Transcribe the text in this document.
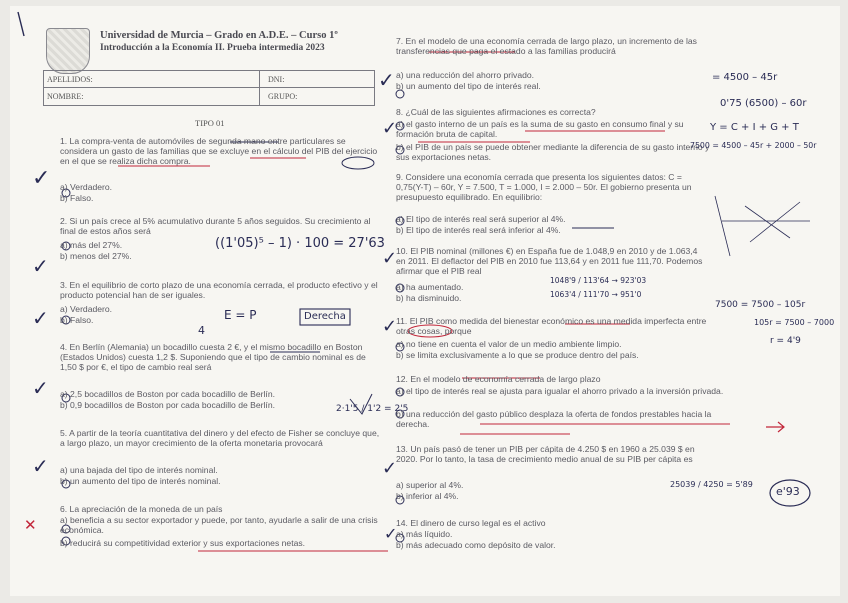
Universidad de Murcia – Grado en A.D.E. – Curso 1º
Introducción a la Economía II. Prueba intermedia 2023
APELLIDOS:	DNI:
NOMBRE:	GRUPO:
TIPO 01
1. La compra-venta de automóviles de segunda mano entre particulares se considera un gasto de las familias que se excluye en el cálculo del PIB del ejercicio en el que se realiza dicha compra.
a) Verdadero.
b) Falso.
2. Si un país crece al 5% acumulativo durante 5 años seguidos. Su crecimiento al final de estos años será
a) más del 27%.
b) menos del 27%.
3. En el equilibrio de corto plazo de una economía cerrada, el producto efectivo y el producto potencial han de ser iguales.
a) Verdadero.
b) Falso.
4. En Berlín (Alemania) un bocadillo cuesta 2 €, y el mismo bocadillo en Boston (Estados Unidos) cuesta 1,2 $. Suponiendo que el tipo de cambio nominal es de 1,50 $ por €, el tipo de cambio real será
a) 2,5 bocadillos de Boston por cada bocadillo de Berlín.
b) 0,9 bocadillos de Boston por cada bocadillo de Berlín.
5. A partir de la teoría cuantitativa del dinero y del efecto de Fisher se concluye que, a largo plazo, un mayor crecimiento de la oferta monetaria provocará
a) una bajada del tipo de interés nominal.
b) un aumento del tipo de interés nominal.
6. La apreciación de la moneda de un país
a) beneficia a su sector exportador y puede, por tanto, ayudarle a salir de una crisis económica.
b) reducirá su competitividad exterior y sus exportaciones netas.
7. En el modelo de una economía cerrada de largo plazo, un incremento de las transferencias que paga el estado a las familias producirá
a) una reducción del ahorro privado.
b) un aumento del tipo de interés real.
8. ¿Cuál de las siguientes afirmaciones es correcta?
a) el gasto interno de un país es la suma de su gasto en consumo final y su formación bruta de capital.
b) el PIB de un país se puede obtener mediante la diferencia de su gasto interno y sus exportaciones netas.
9. Considere una economía cerrada que presenta los siguientes datos: C = 0,75(Y-T) – 60r, Y = 7.500, T = 1.000, I = 2.000 – 50r. El gobierno presenta un presupuesto equilibrado. En equilibrio:
a) El tipo de interés real será superior al 4%.
b) El tipo de interés real será inferior al 4%.
10. El PIB nominal (millones €) en España fue de 1.048,9 en 2010 y de 1.063,4 en 2011. El deflactor del PIB en 2010 fue 113,64 y en 2011 fue 111,70. Podemos afirmar que el PIB real
a) ha aumentado.
b) ha disminuido.
11. El PIB como medida del bienestar económico es una medida imperfecta entre otras cosas, porque
a) no tiene en cuenta el valor de un medio ambiente limpio.
b) se limita exclusivamente a lo que se produce dentro del país.
12. En el modelo de economía cerrada de largo plazo
a) el tipo de interés real se ajusta para igualar el ahorro privado a la inversión privada.
b) una reducción del gasto público desplaza la oferta de fondos prestables hacia la derecha.
13. Un país pasó de tener un PIB per cápita de 4.250 $ en 1960 a 25.039 $ en 2020. Por lo tanto, la tasa de crecimiento medio anual de su PIB per cápita es
a) superior al 4%.
b) inferior al 4%.
14. El dinero de curso legal es el activo
a) más líquido.
b) más adecuado como depósito de valor.
((1'05)⁵ – 1) · 100 = 27'63
E = P	Derecha
4
2·1'5 / 1'2 = 2'5
1048'9 / 113'64 → 923'03
1063'4 / 111'70 → 951'0
25039 / 4250 = 5'89
e'93
= 4500 – 45r
0'75 (6500) – 60r
Y = C + I + G + T
7500 = 4500 – 45r + 2000 – 50r
7500 = 7500 – 105r
105r = 7500 – 7000
r = 4'9
✓
✓
✓
✓
✓
✕
✓
✓
✓
✓
✓
✓
